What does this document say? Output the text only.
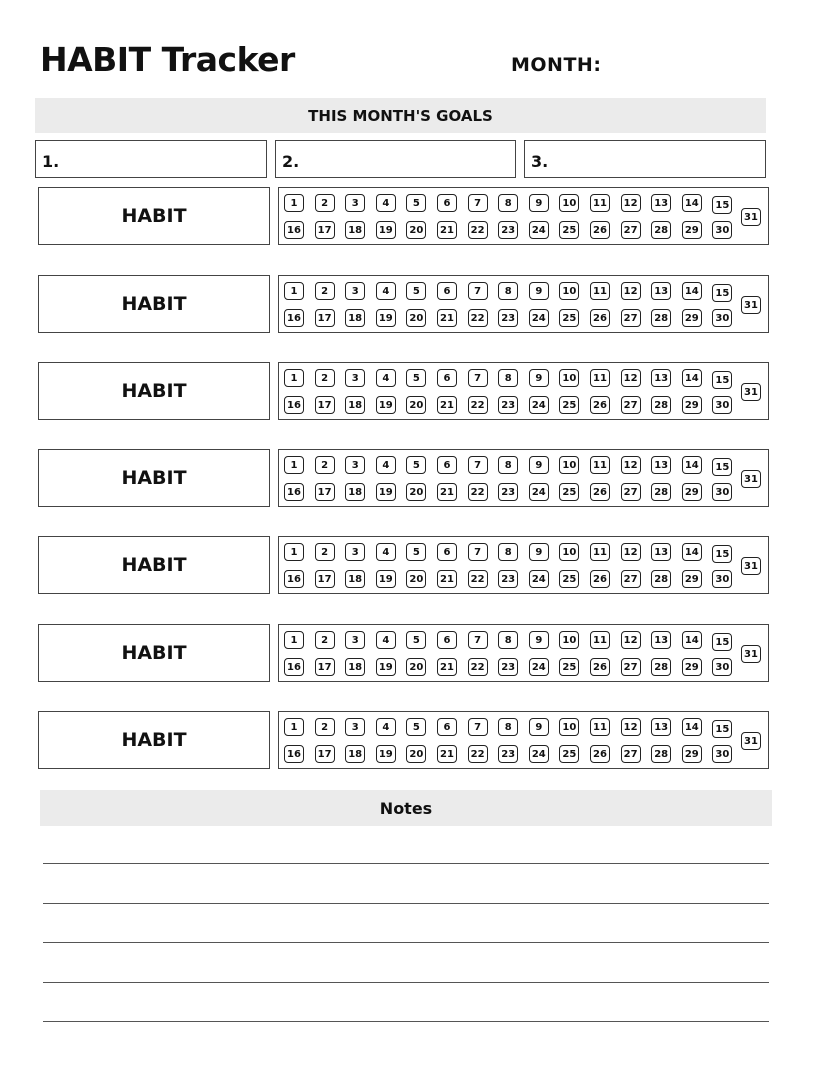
HABIT Tracker	MONTH:
THIS MONTH'S GOALS
1.	2.	3.
HABIT
1	2	3	4	5	6	7	8	9	10	11	12	13	14	15
16	17	18	19	20	21	22	23	24	25	26	27	28	29	30
31
HABIT
1	2	3	4	5	6	7	8	9	10	11	12	13	14	15
16	17	18	19	20	21	22	23	24	25	26	27	28	29	30
31
HABIT
1	2	3	4	5	6	7	8	9	10	11	12	13	14	15
16	17	18	19	20	21	22	23	24	25	26	27	28	29	30
31
HABIT
1	2	3	4	5	6	7	8	9	10	11	12	13	14	15
16	17	18	19	20	21	22	23	24	25	26	27	28	29	30
31
HABIT
1	2	3	4	5	6	7	8	9	10	11	12	13	14	15
16	17	18	19	20	21	22	23	24	25	26	27	28	29	30
31
HABIT
1	2	3	4	5	6	7	8	9	10	11	12	13	14	15
16	17	18	19	20	21	22	23	24	25	26	27	28	29	30
31
HABIT
1	2	3	4	5	6	7	8	9	10	11	12	13	14	15
16	17	18	19	20	21	22	23	24	25	26	27	28	29	30
31
Notes
